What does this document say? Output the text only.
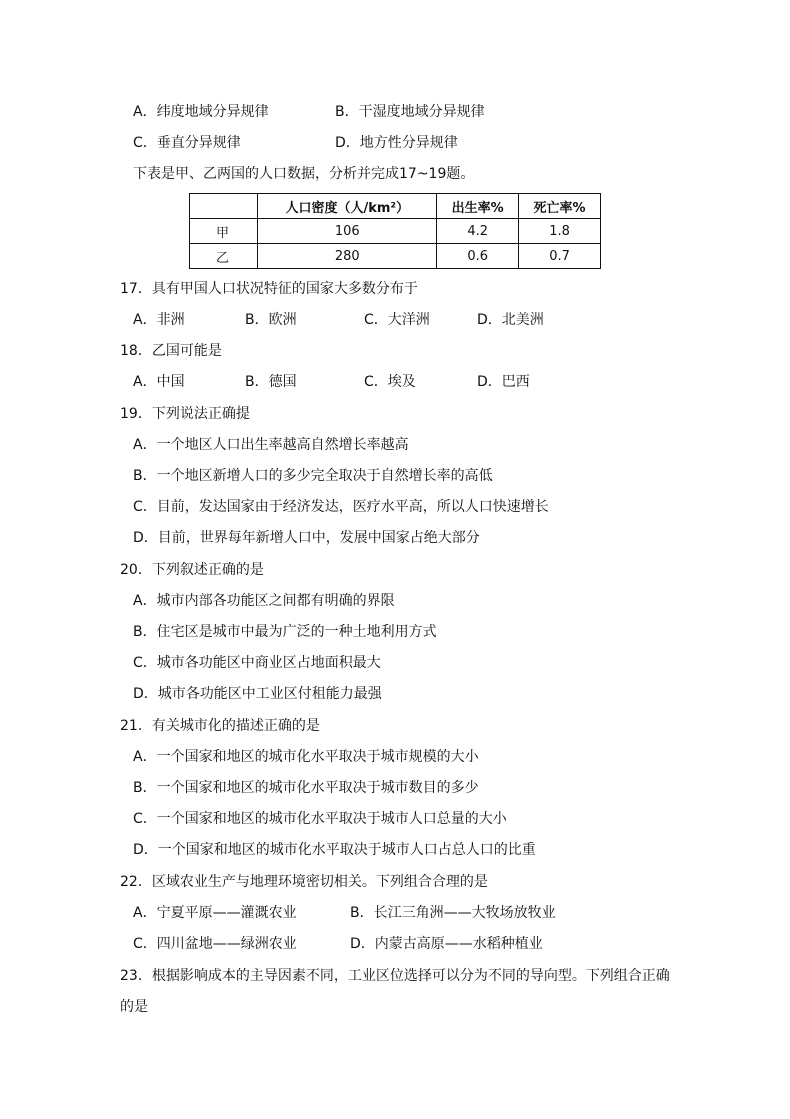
A．纬度地域分异规律	B．干湿度地域分异规律
C．垂直分异规律	D．地方性分异规律
下表是甲、乙两国的人口数据，分析并完成17~19题。
	人口密度（人/km²）	出生率%	死亡率%
甲	106	4.2	1.8
乙	280	0.6	0.7
17．具有甲国人口状况特征的国家大多数分布于
A．非洲	B．欧洲	C．大洋洲	D．北美洲
18．乙国可能是
A．中国	B．德国	C．埃及	D．巴西
19．下列说法正确提
A．一个地区人口出生率越高自然增长率越高
B．一个地区新增人口的多少完全取决于自然增长率的高低
C．目前，发达国家由于经济发达，医疗水平高，所以人口快速增长
D．目前，世界每年新增人口中，发展中国家占绝大部分
20．下列叙述正确的是
A．城市内部各功能区之间都有明确的界限
B．住宅区是城市中最为广泛的一种土地利用方式
C．城市各功能区中商业区占地面积最大
D．城市各功能区中工业区付租能力最强
21．有关城市化的描述正确的是
A．一个国家和地区的城市化水平取决于城市规模的大小
B．一个国家和地区的城市化水平取决于城市数目的多少
C．一个国家和地区的城市化水平取决于城市人口总量的大小
D．一个国家和地区的城市化水平取决于城市人口占总人口的比重
22．区域农业生产与地理环境密切相关。下列组合合理的是
A．宁夏平原——灌溉农业	B．长江三角洲——大牧场放牧业
C．四川盆地——绿洲农业	D．内蒙古高原——水稻种植业
23．根据影响成本的主导因素不同，工业区位选择可以分为不同的导向型。下列组合正确
的是
